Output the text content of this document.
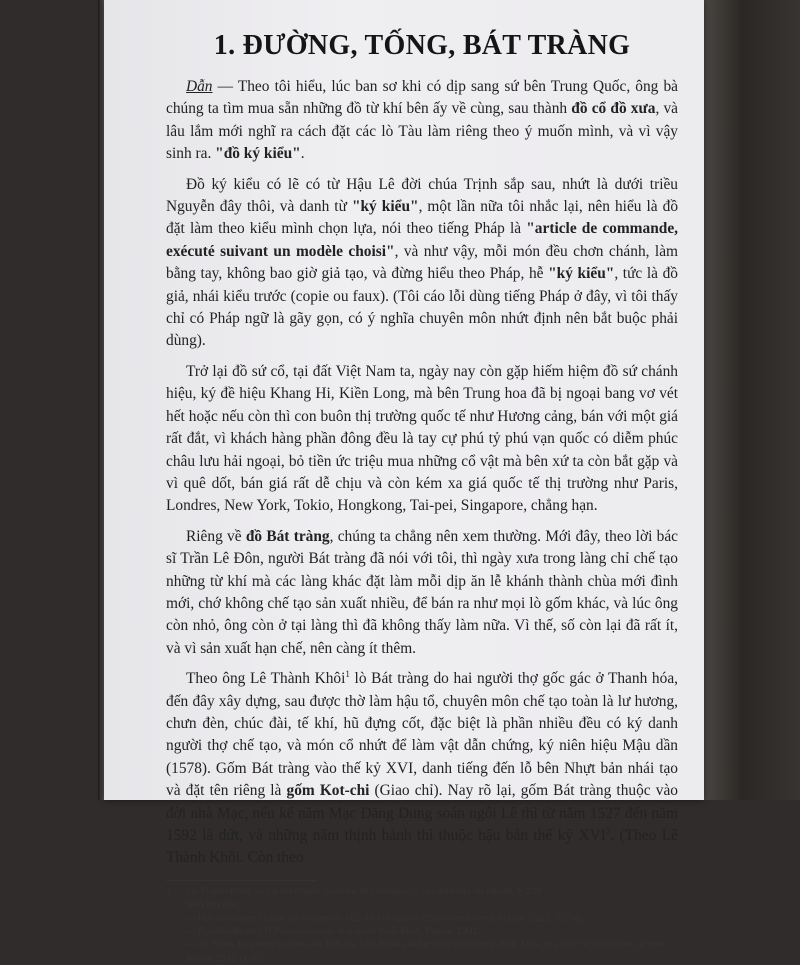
1. ĐƯỜNG, TỐNG, BÁT TRÀNG

Dẫn — Theo tôi hiểu, lúc ban sơ khi có dịp sang sứ bên Trung Quốc, ông bà chúng ta tìm mua sẵn những đồ từ khí bên ấy về cùng, sau thành đồ cổ đồ xưa, và lâu lắm mới nghĩ ra cách đặt các lò Tàu làm riêng theo ý muốn mình, và vì vậy sinh ra. "đồ ký kiểu".

Đồ ký kiểu có lẽ có từ Hậu Lê đời chúa Trịnh sắp sau, nhứt là dưới triều Nguyễn đây thôi, và danh từ "ký kiểu", một lần nữa tôi nhắc lại, nên hiểu là đồ đặt làm theo kiểu mình chọn lựa, nói theo tiếng Pháp là "article de commande, exécuté suivant un modèle choisi", và như vậy, mỗi món đều chơn chánh, làm bằng tay, không bao giờ giả tạo, và đừng hiểu theo Pháp, hễ "ký kiểu", tức là đồ giả, nhái kiểu trước (copie ou faux). (Tôi cáo lỗi dùng tiếng Pháp ở đây, vì tôi thấy chỉ có Pháp ngữ là gãy gọn, có ý nghĩa chuyên môn nhứt định nên bắt buộc phải dùng).

Trở lại đồ sứ cổ, tại đất Việt Nam ta, ngày nay còn gặp hiếm hiệm đồ sứ chánh hiệu, ký đề hiệu Khang Hi, Kiền Long, mà bên Trung hoa đã bị ngoại bang vơ vét hết hoặc nếu còn thì con buôn thị trường quốc tế như Hương cảng, bán với một giá rất đắt, vì khách hàng phần đông đều là tay cự phú tỷ phú vạn quốc có diễm phúc châu lưu hải ngoại, bỏ tiền ức triệu mua những cổ vật mà bên xứ ta còn bắt gặp và vì quê dốt, bán giá rất dễ chịu và còn kém xa giá quốc tế thị trường như Paris, Londres, New York, Tokio, Hongkong, Tai-pei, Singapore, chẳng hạn.

Riêng về đồ Bát tràng, chúng ta chẳng nên xem thường. Mới đây, theo lời bác sĩ Trần Lê Đôn, người Bát tràng đã nói với tôi, thì ngày xưa trong làng chỉ chế tạo những từ khí mà các làng khác đặt làm mỗi dịp ăn lễ khánh thành chùa mới đình mới, chớ không chế tạo sản xuất nhiều, để bán ra như mọi lò gốm khác, và lúc ông còn nhỏ, ông còn ở tại làng thì đã không thấy làm nữa. Vì thế, số còn lại đã rất ít, và vì sản xuất hạn chế, nên càng ít thêm.

Theo ông Lê Thành Khôi$^1$ lò Bát tràng do hai người thợ gốc gác ở Thanh hóa, đến đây xây dựng, sau được thờ làm hậu tổ, chuyên môn chế tạo toàn là lư hương, chưn đèn, chúc đài, tế khí, hũ đựng cốt, đặc biệt là phần nhiều đều có ký danh người thợ chế tạo, và món cổ nhứt để làm vật dẫn chứng, ký niên hiệu Mậu dần (1578). Gốm Bát tràng vào thế kỷ XVI, danh tiếng đến lỗ bên Nhựt bản nhái tạo và đặt tên riêng là gốm Kot-chi (Giao chỉ). Nay rõ lại, gốm Bát tràng thuộc vào đời nhà Mạc, nếu kể năm Mạc Đăng Dung soán ngôi Lê thì từ năm 1527 đến năm 1592 là dứt, và những năm thịnh hành thì thuộc hậu bán thế kỷ XVI$^2$. (Theo Lê Thành Khôi. Còn theo

1 Lê-Thành-Khôi. — Le Viet-Nam (histoire et civilisation), les éditions de Minuit, tr.238.

2 Nên tìm đọc :

— H.Parmentier, Guide au musée de l'Ecole Française d'Extrême-Orient, Hanoi, 1915, 52 sq. ;

— P.Jabouille et J.H.Peyssonnaux, le musée Khải-Định, Hanoi, 1931 ;

— Cl. Huet, Les terres cuites de Thổ-hà, Les Brule-parfums de Bát-tràng, Bull. Mus. roy. d'art et d'histoire, janvier-février 1942 (1-9) ;
